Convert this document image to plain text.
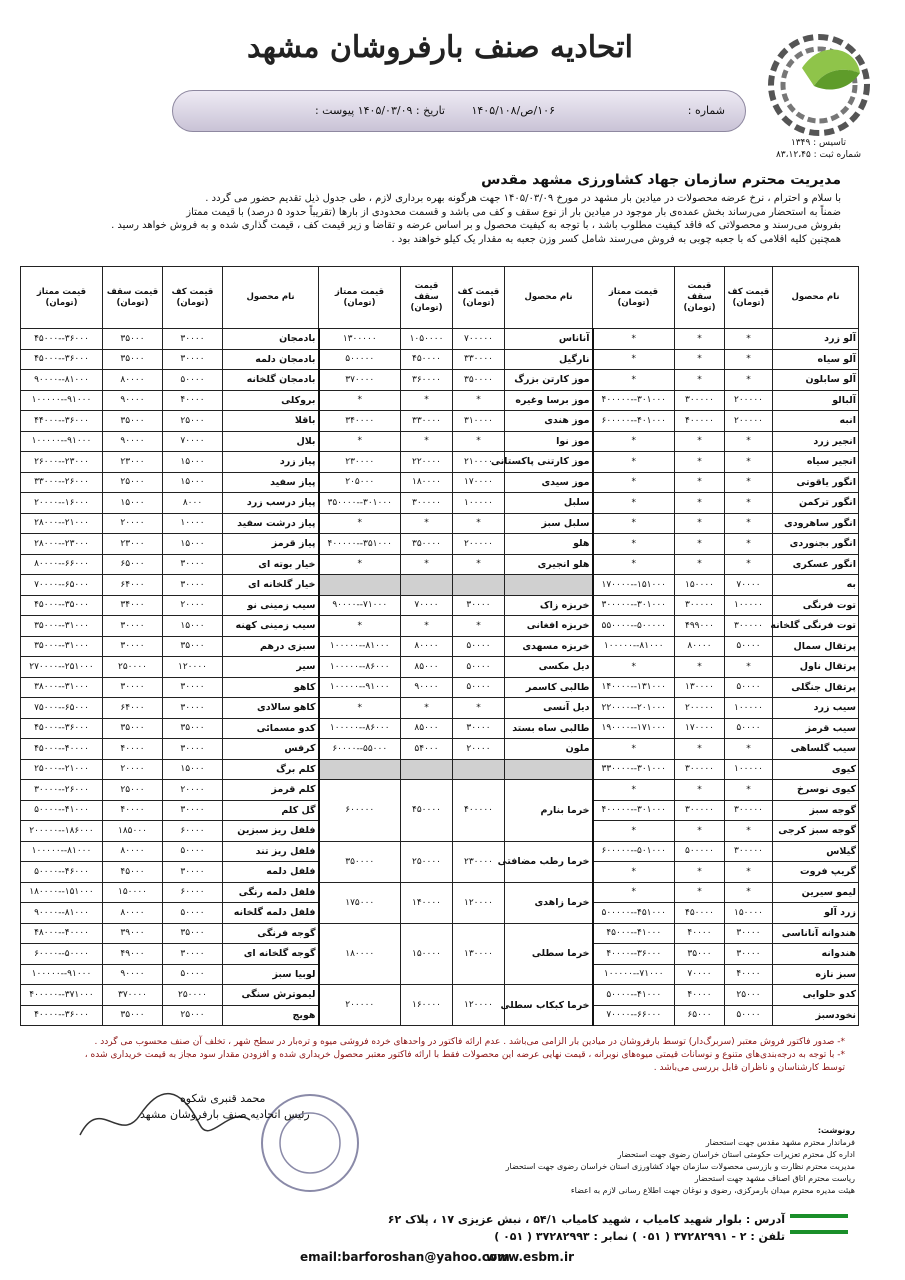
تاسیس : ۱۳۴۹
شماره ثبت : ۸۳،۱۲،۴۵
اتحادیه صنف بارفروشان مشهد
شماره :
۱۰۶/ص/۱۴۰۵/۱۰۸
تاریخ : ۱۴۰۵/۰۳/۰۹ پیوست :
مدیریت محترم سازمان جهاد کشاورزی مشهد مقدس
با سلام و احترام ، نرخ عرضه محصولات در میادین بار مشهد در مورخ ۱۴۰۵/۰۳/۰۹ جهت هرگونه بهره برداری لازم ، طی جدول ذیل تقدیم حضور می گردد .
ضمناً به استحضار می‌رساند بخش عمده‌ی بار موجود در میادین بار از نوع سقف و کف می باشد و قسمت محدودی از بارها (تقریباً حدود ۵ درصد) با قیمت ممتاز
بفروش می‌رسند و محصولاتی که فاقد کیفیت مطلوب باشد ، با توجه به کیفیت محصول و بر اساس عرضه و تقاضا و زیر قیمت کف ، قیمت گذاری شده و به فروش خواهد رسید .
همچنین کلیه اقلامی که با جعبه چوبی به فروش می‌رسند شامل کسر وزن جعبه به مقدار یک کیلو خواهند بود .
نام محصول	قیمت کف (تومان)	قیمت سقف (تومان)	قیمت ممتاز (تومان)	نام محصول	قیمت کف (تومان)	قیمت سقف (تومان)	قیمت ممتاز (تومان)	نام محصول	قیمت کف (تومان)	قیمت سقف (تومان)	قیمت ممتاز (تومان)
آلو زرد	*	*	*	آناناس	۷۰۰۰۰۰	۱۰۵۰۰۰۰	۱۳۰۰۰۰۰	بادمجان	۳۰۰۰۰	۳۵۰۰۰	۳۶۰۰۰--۴۵۰۰۰
آلو سیاه	*	*	*	نارگیل	۳۳۰۰۰۰	۴۵۰۰۰۰	۵۰۰۰۰۰	بادمجان دلمه	۳۰۰۰۰	۳۵۰۰۰	۳۶۰۰۰--۴۵۰۰۰
آلو سابلون	*	*	*	موز کارتن بزرگ	۳۵۰۰۰۰	۳۶۰۰۰۰	۳۷۰۰۰۰	بادمجان گلخانه	۵۰۰۰۰	۸۰۰۰۰	۸۱۰۰۰--۹۰۰۰۰
آلبالو	۲۰۰۰۰۰	۳۰۰۰۰۰	۳۰۱۰۰۰--۴۰۰۰۰۰	موز برسا وغیره	*	*	*	بروکلی	۴۰۰۰۰	۹۰۰۰۰	۹۱۰۰۰--۱۰۰۰۰۰
انبه	۲۰۰۰۰۰	۴۰۰۰۰۰	۴۰۱۰۰۰--۶۰۰۰۰۰	موز هندی	۳۱۰۰۰۰	۳۳۰۰۰۰	۳۴۰۰۰۰	باقلا	۲۵۰۰۰	۳۵۰۰۰	۳۶۰۰۰--۴۴۰۰۰
انجیر زرد	*	*	*	موز نوا	*	*	*	بلال	۷۰۰۰۰	۹۰۰۰۰	۹۱۰۰۰--۱۰۰۰۰۰
انجیر سیاه	*	*	*	موز کارتنی پاکستانی	۲۱۰۰۰۰	۲۲۰۰۰۰	۲۳۰۰۰۰	پیاز زرد	۱۵۰۰۰	۲۳۰۰۰	۲۳۰۰۰--۲۶۰۰۰
انگور یاقوتی	*	*	*	موز سیدی	۱۷۰۰۰۰	۱۸۰۰۰۰	۲۰۵۰۰۰	پیاز سفید	۱۵۰۰۰	۲۵۰۰۰	۲۶۰۰۰--۳۳۰۰۰
انگور ترکمن	*	*	*	سلبل	۱۰۰۰۰۰	۳۰۰۰۰۰	۳۰۱۰۰۰--۳۵۰۰۰۰	پیاز درسب زرد	۸۰۰۰	۱۵۰۰۰	۱۶۰۰۰--۲۰۰۰۰
انگور ساهرودی	*	*	*	سلبل سبز	*	*	*	پیاز درشت سفید	۱۰۰۰۰	۲۰۰۰۰	۲۱۰۰۰--۲۸۰۰۰
انگور بجنوردی	*	*	*	هلو	۲۰۰۰۰۰	۳۵۰۰۰۰	۳۵۱۰۰۰--۴۰۰۰۰۰	پیاز قرمز	۱۵۰۰۰	۲۳۰۰۰	۲۳۰۰۰--۲۸۰۰۰
انگور عسکری	*	*	*	هلو انجیری	*	*	*	خیار بوته ای	۳۰۰۰۰	۶۵۰۰۰	۶۶۰۰۰--۸۰۰۰۰
به	۷۰۰۰۰	۱۵۰۰۰۰	۱۵۱۰۰۰--۱۷۰۰۰۰					خیار گلخانه ای	۳۰۰۰۰	۶۴۰۰۰	۶۵۰۰۰--۷۰۰۰۰
توت فرنگی	۱۰۰۰۰۰	۳۰۰۰۰۰	۳۰۱۰۰۰--۳۰۰۰۰۰	خربزه زاک	۳۰۰۰۰	۷۰۰۰۰	۷۱۰۰۰--۹۰۰۰۰	سیب زمینی نو	۲۰۰۰۰	۳۴۰۰۰	۳۵۰۰۰--۴۵۰۰۰
توت فرنگی گلخانه	۳۰۰۰۰۰	۴۹۹۰۰۰	۵۰۰۰۰۰--۵۵۰۰۰۰	خربزه افغانی	*	*	*	سیب زمینی کهنه	۱۵۰۰۰	۳۰۰۰۰	۳۱۰۰۰--۳۵۰۰۰
پرتقال سمال	۵۰۰۰۰	۸۰۰۰۰	۸۱۰۰۰--۱۰۰۰۰۰	خربزه مسهدی	۵۰۰۰۰	۸۰۰۰۰	۸۱۰۰۰--۱۰۰۰۰۰	سبزی درهم	۳۵۰۰۰	۳۰۰۰۰	۳۱۰۰۰--۳۵۰۰۰
پرتقال ناول	*	*	*	دیل مکسی	۵۰۰۰۰	۸۵۰۰۰	۸۶۰۰۰--۱۰۰۰۰۰	سیر	۱۲۰۰۰۰	۲۵۰۰۰۰	۲۵۱۰۰۰--۲۷۰۰۰۰
پرتقال جنگلی	۵۰۰۰۰	۱۳۰۰۰۰	۱۳۱۰۰۰--۱۴۰۰۰۰	طالبی کاسمر	۵۰۰۰۰	۹۰۰۰۰	۹۱۰۰۰--۱۰۰۰۰۰	کاهو	۳۰۰۰۰	۳۰۰۰۰	۳۱۰۰۰--۳۸۰۰۰
سیب زرد	۱۰۰۰۰۰	۲۰۰۰۰۰	۲۰۱۰۰۰--۲۲۰۰۰۰	دیل آنسی	*	*	*	کاهو سالادی	۳۰۰۰۰	۶۴۰۰۰	۶۵۰۰۰--۷۵۰۰۰
سیب قرمز	۵۰۰۰۰	۱۷۰۰۰۰	۱۷۱۰۰۰--۱۹۰۰۰۰	طالبی ساه بستد	۳۰۰۰۰	۸۵۰۰۰	۸۶۰۰۰--۱۰۰۰۰۰	کدو مسمائی	۳۵۰۰۰	۳۵۰۰۰	۳۶۰۰۰--۴۵۰۰۰
سیب گلساهی	*	*	*	ملون	۲۰۰۰۰	۵۴۰۰۰	۵۵۰۰۰--۶۰۰۰۰	کرفس	۳۰۰۰۰	۴۰۰۰۰	۴۰۰۰۰--۴۵۰۰۰
کیوی	۱۰۰۰۰۰	۳۰۰۰۰۰	۳۰۱۰۰۰--۳۳۰۰۰۰					کلم برگ	۱۵۰۰۰	۲۰۰۰۰	۲۱۰۰۰--۲۵۰۰۰
کیوی نوسرخ	*	*	*	خرما بنارم	۴۰۰۰۰۰	۴۵۰۰۰۰	۶۰۰۰۰۰	کلم قرمز	۲۰۰۰۰	۲۵۰۰۰	۲۶۰۰۰--۳۰۰۰۰
گوجه سبز	۳۰۰۰۰۰	۳۰۰۰۰۰	۳۰۱۰۰۰--۴۰۰۰۰۰					گل کلم	۳۰۰۰۰	۴۰۰۰۰	۴۱۰۰۰--۵۰۰۰۰
گوجه سبز کرجی	*	*	*					فلفل ریز سبزین	۶۰۰۰۰	۱۸۵۰۰۰	۱۸۶۰۰۰--۲۰۰۰۰۰
گیلاس	۳۰۰۰۰۰	۵۰۰۰۰۰	۵۰۱۰۰۰--۶۰۰۰۰۰	خرما رطب مضافتی	۲۳۰۰۰۰	۲۵۰۰۰۰	۳۵۰۰۰۰	فلفل ریز تند	۵۰۰۰۰	۸۰۰۰۰	۸۱۰۰۰--۱۰۰۰۰۰
گریپ فروت	*	*	*					فلفل دلمه	۳۰۰۰۰	۴۵۰۰۰	۴۶۰۰۰--۵۰۰۰۰
لیمو سیرین	*	*	*	خرما زاهدی	۱۲۰۰۰۰	۱۴۰۰۰۰	۱۷۵۰۰۰	فلفل دلمه رنگی	۶۰۰۰۰	۱۵۰۰۰۰	۱۵۱۰۰۰--۱۸۰۰۰۰
زرد آلو	۱۵۰۰۰۰	۴۵۰۰۰۰	۴۵۱۰۰۰--۵۰۰۰۰۰					فلفل دلمه گلخانه	۵۰۰۰۰	۸۰۰۰۰	۸۱۰۰۰--۹۰۰۰۰
هندوانه آناناسی	۳۰۰۰۰	۴۰۰۰۰	۴۱۰۰۰--۴۵۰۰۰	خرما سطلی	۱۳۰۰۰۰	۱۵۰۰۰۰	۱۸۰۰۰۰	گوجه فرنگی	۳۵۰۰۰	۳۹۰۰۰	۴۰۰۰۰--۴۸۰۰۰
هندوانه	۳۰۰۰۰	۳۵۰۰۰	۳۶۰۰۰--۴۰۰۰۰					گوجه گلخانه ای	۳۰۰۰۰	۴۹۰۰۰	۵۰۰۰۰--۶۰۰۰۰
سبز نازه	۴۰۰۰۰	۷۰۰۰۰	۷۱۰۰۰--۱۰۰۰۰۰					لوبیا سبز	۵۰۰۰۰	۹۰۰۰۰	۹۱۰۰۰--۱۰۰۰۰۰
کدو حلوایی	۲۵۰۰۰	۴۰۰۰۰	۴۱۰۰۰--۵۰۰۰۰	خرما کبکاب سطلی	۱۲۰۰۰۰	۱۶۰۰۰۰	۲۰۰۰۰۰	لیموترش سنگی	۲۵۰۰۰۰	۳۷۰۰۰۰	۳۷۱۰۰۰--۴۰۰۰۰۰
نخودسبز	۵۰۰۰۰	۶۵۰۰۰	۶۶۰۰۰--۷۰۰۰۰					هویج	۲۵۰۰۰	۳۵۰۰۰	۳۶۰۰۰--۴۰۰۰۰
*- صدور فاکتور فروش معتبر (سربرگ‌دار) توسط بارفروشان در میادین بار الزامی می‌باشد . عدم ارائه فاکتور در واحدهای خرده فروشی میوه و تره‌بار در سطح شهر ، تخلف آن صنف محسوب می گردد .
*- با توجه به درجه‌بندی‌های متنوع و نوسانات قیمتی میوه‌های نوبرانه ، قیمت نهایی عرضه این محصولات فقط با ارائه فاکتور معتبر محصول خریداری شده و افزودن مقدار سود مجاز به قیمت خریداری شده ،
توسط کارشناسان و ناظران قابل بررسی می‌باشد .
محمد قنبری شکوه
رئیس اتحادیه صنف بارفروشان مشهد
رونوشت:
فرماندار محترم مشهد مقدس جهت استحضار
اداره کل محترم تعزیرات حکومتی استان خراسان رضوی جهت استحضار
مدیریت محترم نظارت و بازرسی محصولات سازمان جهاد کشاورزی استان خراسان رضوی جهت استحضار
ریاست محترم اتاق اصناف مشهد جهت استحضار
هیئت مدیره محترم میدان بارمرکزی، رضوی و نوغان جهت اطلاع رسانی لازم به اعضاء
آدرس : بلوار شهید کامیاب ، شهید کامیاب ۵۴/۱ ، نبش عزیزی ۱۷ ، پلاک ۶۲
تلفن : ۲ - ۳۷۲۸۲۹۹۱ ( ۰۵۱ ) نمابر : ۳۷۲۸۲۹۹۳ ( ۰۵۱ )
email:barforoshan@yahoo.com
www.esbm.ir
